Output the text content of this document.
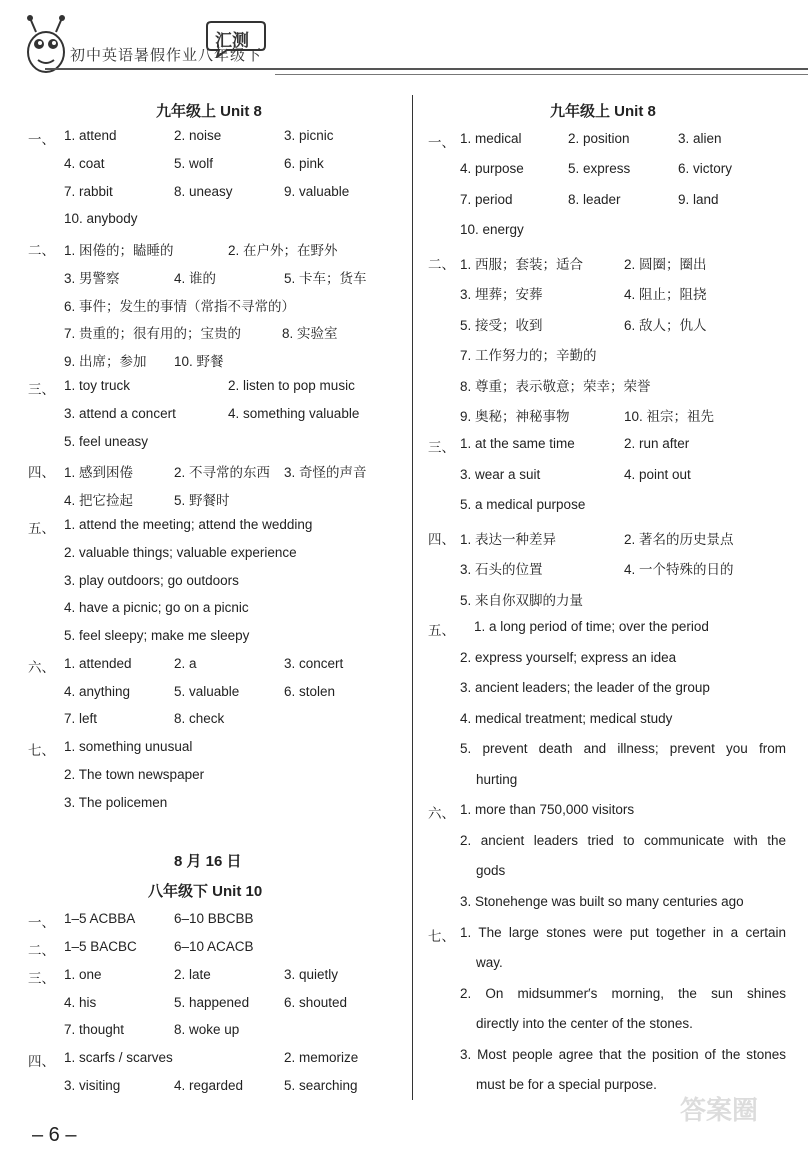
汇测
初中英语暑假作业八年级下
九年级上 Unit 8
一、 1. attend	2. noise	3. picnic
4. coat	5. wolf	6. pink
7. rabbit	8. uneasy	9. valuable
10. anybody
二、 1. 困倦的；瞌睡的	2. 在户外；在野外
3. 男警察	4. 谁的	5. 卡车；货车
6. 事件；发生的事情（常指不寻常的）
7. 贵重的；很有用的；宝贵的	8. 实验室
9. 出席；参加 10. 野餐
三、 1. toy truck	2. listen to pop music
3. attend a concert	4. something valuable
5. feel uneasy
四、 1. 感到困倦	2. 不寻常的东西 3. 奇怪的声音
4. 把它捡起	5. 野餐时
五、 1. attend the meeting; attend the wedding
2. valuable things; valuable experience
3. play outdoors; go outdoors
4. have a picnic; go on a picnic
5. feel sleepy; make me sleepy
六、 1. attended	2. a	3. concert
4. anything	5. valuable	6. stolen
7. left	8. check
七、 1. something unusual
2. The town newspaper
3. The policemen
8 月 16 日
八年级下 Unit 10
一、 1–5 ACBBA	6–10 BBCBB
二、 1–5 BACBC	6–10 ACACB
三、 1. one	2. late	3. quietly
4. his	5. happened	6. shouted
7. thought	8. woke up
四、 1. scarfs / scarves	2. memorize
3. visiting	4. regarded	5. searching
九年级上 Unit 8
一、 1. medical	2. position	3. alien
4. purpose	5. express	6. victory
7. period	8. leader	9. land
10. energy
二、 1. 西服；套装；适合	2. 圆圈；圈出
3. 埋葬；安葬	4. 阻止；阻挠
5. 接受；收到	6. 敌人；仇人
7. 工作努力的；辛勤的
8. 尊重；表示敬意；荣幸；荣誉
9. 奥秘；神秘事物	10. 祖宗；祖先
三、 1. at the same time	2. run after
3. wear a suit	4. point out
5. a medical purpose
四、 1. 表达一种差异	2. 著名的历史景点
3. 石头的位置	4. 一个特殊的日的
5. 来自你双脚的力量
五、 1. a long period of time; over the period
2. express yourself; express an idea
3. ancient leaders; the leader of the group
4. medical treatment; medical study
5. prevent death and illness; prevent you from
hurting
六、 1. more than 750,000 visitors
2. ancient leaders tried to communicate with the
gods
3. Stonehenge was built so many centuries ago
七、 1. The large stones were put together in a certain
way.
2. On midsummer′s morning, the sun shines
directly into the center of the stones.
3. Most people agree that the position of the stones
must be for a special purpose.
– 6 –
答案圈
